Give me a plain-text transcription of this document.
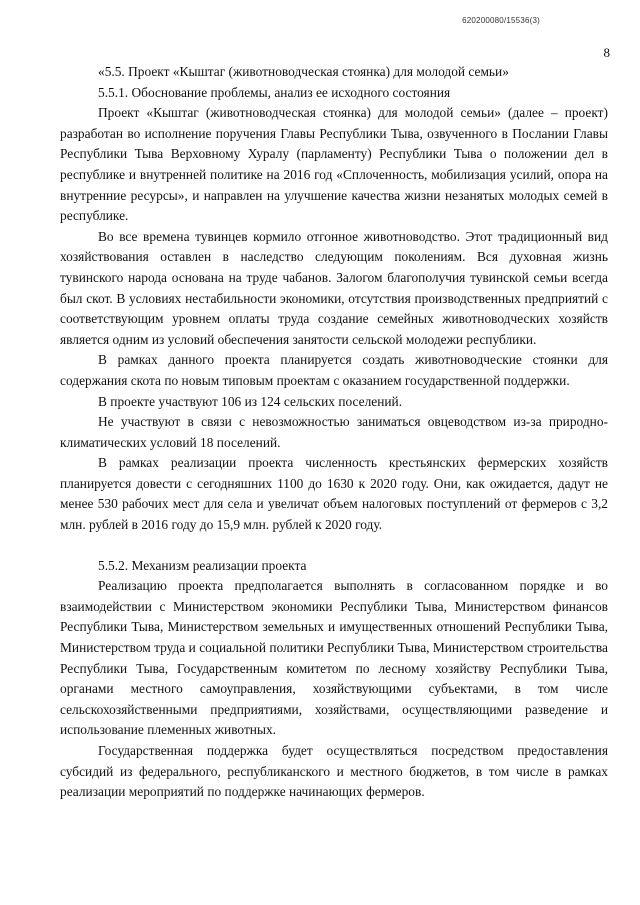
620200080/15536(3)
8

«5.5. Проект «Кыштаг (животноводческая стоянка) для молодой семьи»

5.5.1. Обоснование проблемы, анализ ее исходного состояния

Проект «Кыштаг (животноводческая стоянка) для молодой семьи» (далее – проект) разработан во исполнение поручения Главы Республики Тыва, озвученного в Послании Главы Республики Тыва Верховному Хуралу (парламенту) Республики Тыва о положении дел в республике и внутренней политике на 2016 год «Сплоченность, мобилизация усилий, опора на внутренние ресурсы», и направлен на улучшение качества жизни незанятых молодых семей в республике.

Во все времена тувинцев кормило отгонное животноводство. Этот традиционный вид хозяйствования оставлен в наследство следующим поколениям. Вся духовная жизнь тувинского народа основана на труде чабанов. Залогом благополучия тувинской семьи всегда был скот. В условиях нестабильности экономики, отсутствия производственных предприятий с соответствующим уровнем оплаты труда создание семейных животноводческих хозяйств является одним из условий обеспечения занятости сельской молодежи республики.

В рамках данного проекта планируется создать животноводческие стоянки для содержания скота по новым типовым проектам с оказанием государственной поддержки.

В проекте участвуют 106 из 124 сельских поселений.

Не участвуют в связи с невозможностью заниматься овцеводством из-за природно-климатических условий 18 поселений.

В рамках реализации проекта численность крестьянских фермерских хозяйств планируется довести с сегодняшних 1100 до 1630 к 2020 году. Они, как ожидается, дадут не менее 530 рабочих мест для села и увеличат объем налоговых поступлений от фермеров с 3,2 млн. рублей в 2016 году до 15,9 млн. рублей к 2020 году.

5.5.2. Механизм реализации проекта

Реализацию проекта предполагается выполнять в согласованном порядке и во взаимодействии с Министерством экономики Республики Тыва, Министерством финансов Республики Тыва, Министерством земельных и имущественных отношений Республики Тыва, Министерством труда и социальной политики Республики Тыва, Министерством строительства Республики Тыва, Государственным комитетом по лесному хозяйству Республики Тыва, органами местного самоуправления, хозяйствующими субъектами, в том числе сельскохозяйственными предприятиями, хозяйствами, осуществляющими разведение и использование племенных животных.

Государственная поддержка будет осуществляться посредством предоставления субсидий из федерального, республиканского и местного бюджетов, в том числе в рамках реализации мероприятий по поддержке начинающих фермеров.
